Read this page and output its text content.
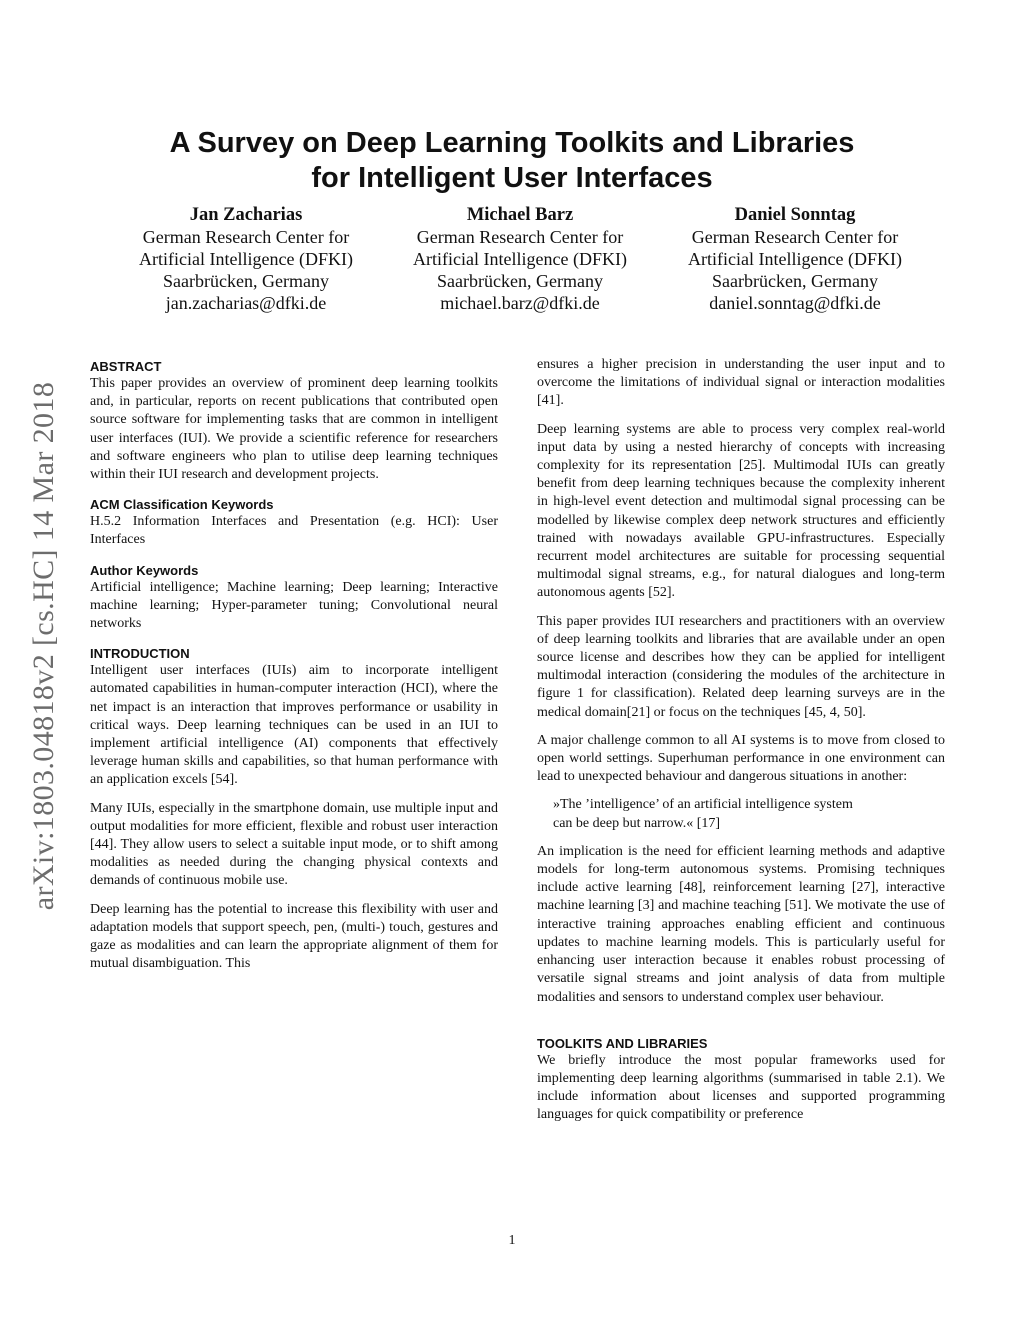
A Survey on Deep Learning Toolkits and Libraries
for Intelligent User Interfaces
Jan Zacharias
German Research Center for
Artificial Intelligence (DFKI)
Saarbrücken, Germany
jan.zacharias@dfki.de
Michael Barz
German Research Center for
Artificial Intelligence (DFKI)
Saarbrücken, Germany
michael.barz@dfki.de
Daniel Sonntag
German Research Center for
Artificial Intelligence (DFKI)
Saarbrücken, Germany
daniel.sonntag@dfki.de
arXiv:1803.04818v2 [cs.HC] 14 Mar 2018
ABSTRACT

This paper provides an overview of prominent deep learning toolkits and, in particular, reports on recent publications that contributed open source software for implementing tasks that are common in intelligent user interfaces (IUI). We provide a scientific reference for researchers and software engineers who plan to utilise deep learning techniques within their IUI research and development projects.

ACM Classification Keywords

H.5.2 Information Interfaces and Presentation (e.g. HCI): User Interfaces

Author Keywords

Artificial intelligence; Machine learning; Deep learning; Interactive machine learning; Hyper-parameter tuning; Convolutional neural networks

INTRODUCTION

Intelligent user interfaces (IUIs) aim to incorporate intelligent automated capabilities in human-computer interaction (HCI), where the net impact is an interaction that improves performance or usability in critical ways. Deep learning techniques can be used in an IUI to implement artificial intelligence (AI) components that effectively leverage human skills and capabilities, so that human performance with an application excels [54].

Many IUIs, especially in the smartphone domain, use multiple input and output modalities for more efficient, flexible and robust user interaction [44]. They allow users to select a suitable input mode, or to shift among modalities as needed during the changing physical contexts and demands of continuous mobile use.

Deep learning has the potential to increase this flexibility with user and adaptation models that support speech, pen, (multi-) touch, gestures and gaze as modalities and can learn the appropriate alignment of them for mutual disambiguation. This

ensures a higher precision in understanding the user input and to overcome the limitations of individual signal or interaction modalities [41].

Deep learning systems are able to process very complex real-world input data by using a nested hierarchy of concepts with increasing complexity for its representation [25]. Multimodal IUIs can greatly benefit from deep learning techniques because the complexity inherent in high-level event detection and multimodal signal processing can be modelled by likewise complex deep network structures and efficiently trained with nowadays available GPU-infrastructures. Especially recurrent model architectures are suitable for processing sequential multimodal signal streams, e.g., for natural dialogues and long-term autonomous agents [52].

This paper provides IUI researchers and practitioners with an overview of deep learning toolkits and libraries that are available under an open source license and describes how they can be applied for intelligent multimodal interaction (considering the modules of the architecture in figure 1 for classification). Related deep learning surveys are in the medical domain[21] or focus on the techniques [45, 4, 50].

A major challenge common to all AI systems is to move from closed to open world settings. Superhuman performance in one environment can lead to unexpected behaviour and dangerous situations in another:

»The ’intelligence’ of an artificial intelligence system
can be deep but narrow.« [17]

An implication is the need for efficient learning methods and adaptive models for long-term autonomous systems. Promising techniques include active learning [48], reinforcement learning [27], interactive machine learning [3] and machine teaching [51]. We motivate the use of interactive training approaches enabling efficient and continuous updates to machine learning models. This is particularly useful for enhancing user interaction because it enables robust processing of versatile signal streams and joint analysis of data from multiple modalities and sensors to understand complex user behaviour.

TOOLKITS AND LIBRARIES

We briefly introduce the most popular frameworks used for implementing deep learning algorithms (summarised in table 2.1). We include information about licenses and supported programming languages for quick compatibility or preference

1
